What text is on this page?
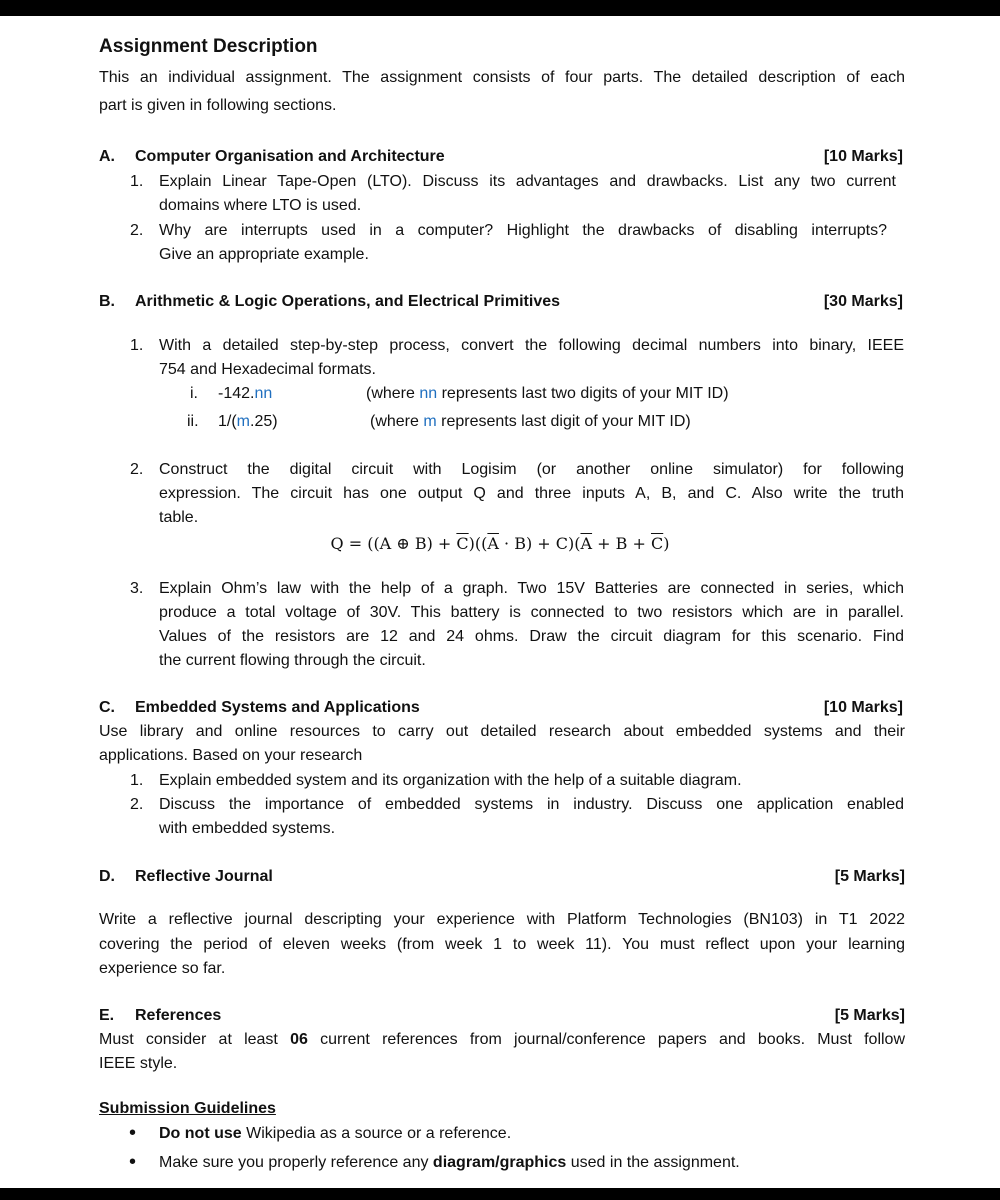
Assignment Description
This an individual assignment. The assignment consists of four parts. The detailed description of each
part is given in following sections.
A. Computer Organisation and Architecture	[10 Marks]
1. Explain Linear Tape-Open (LTO). Discuss its advantages and drawbacks. List any two current
domains where LTO is used.
2. Why are interrupts used in a computer? Highlight the drawbacks of disabling interrupts?
Give an appropriate example.
B. Arithmetic & Logic Operations, and Electrical Primitives	[30 Marks]
1. With a detailed step-by-step process, convert the following decimal numbers into binary, IEEE
754 and Hexadecimal formats.
i. -142.nn	(where nn represents last two digits of your MIT ID)
ii. 1/(m.25)	(where m represents last digit of your MIT ID)
2. Construct the digital circuit with Logisim (or another online simulator) for following
expression. The circuit has one output Q and three inputs A, B, and C. Also write the truth
table.
Q = ((A ⊕ $B) + \overline{C})((\overline{A} \cdot B) + C)(\overline{A} + B + \overline{C})$
3. Explain Ohm’s law with the help of a graph. Two 15V Batteries are connected in series, which
produce a total voltage of 30V. This battery is connected to two resistors which are in parallel.
Values of the resistors are 12 and 24 ohms. Draw the circuit diagram for this scenario. Find
the current flowing through the circuit.
C. Embedded Systems and Applications	[10 Marks]
Use library and online resources to carry out detailed research about embedded systems and their
applications. Based on your research
1. Explain embedded system and its organization with the help of a suitable diagram.
2. Discuss the importance of embedded systems in industry. Discuss one application enabled
with embedded systems.
D. Reflective Journal	[5 Marks]
Write a reflective journal descripting your experience with Platform Technologies (BN103) in T1 2022
covering the period of eleven weeks (from week 1 to week 11). You must reflect upon your learning
experience so far.
E. References	[5 Marks]
Must consider at least 06 current references from journal/conference papers and books. Must follow
IEEE style.
Submission Guidelines
• Do not use Wikipedia as a source or a reference.
• Make sure you properly reference any diagram/graphics used in the assignment.
